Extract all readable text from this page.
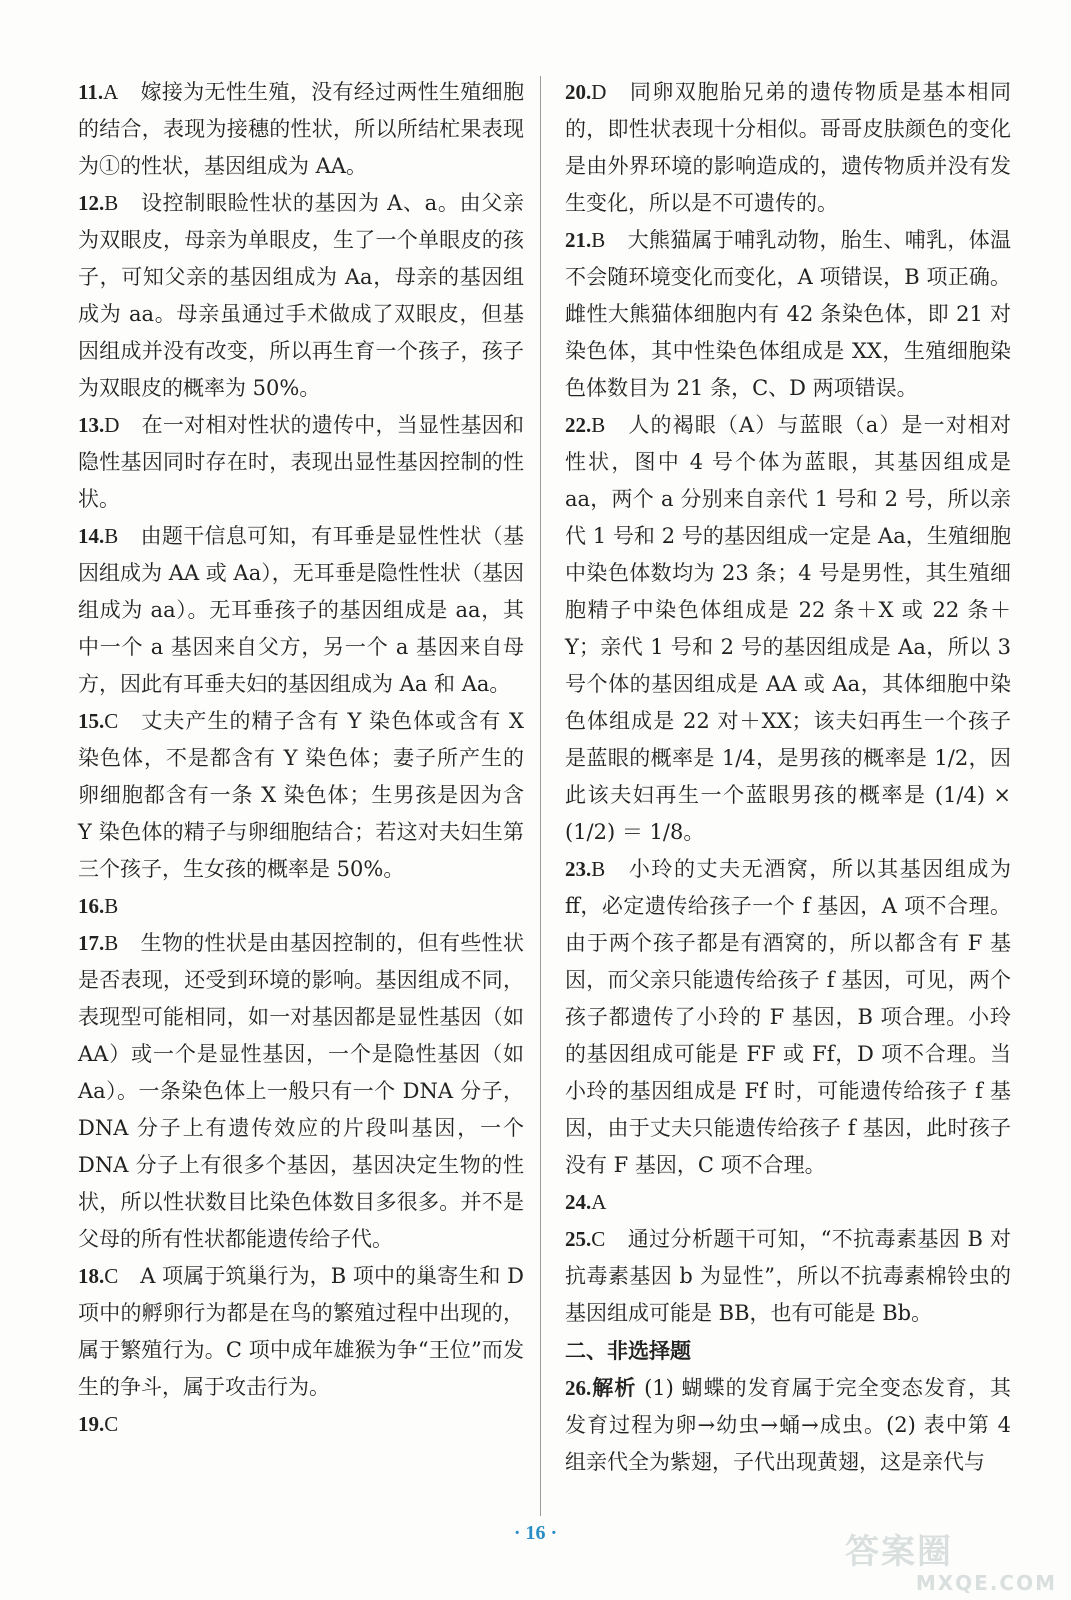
11.A 嫁接为无性生殖，没有经过两性生殖细胞的结合，表现为接穗的性状，所以所结杧果表现为①的性状，基因组成为 AA。
12.B 设控制眼睑性状的基因为 A、a。由父亲为双眼皮，母亲为单眼皮，生了一个单眼皮的孩子，可知父亲的基因组成为 Aa，母亲的基因组成为 aa。母亲虽通过手术做成了双眼皮，但基因组成并没有改变，所以再生育一个孩子，孩子为双眼皮的概率为 50%。
13.D 在一对相对性状的遗传中，当显性基因和隐性基因同时存在时，表现出显性基因控制的性状。
14.B 由题干信息可知，有耳垂是显性性状（基因组成为 AA 或 Aa），无耳垂是隐性性状（基因组成为 aa）。无耳垂孩子的基因组成是 aa，其中一个 a 基因来自父方，另一个 a 基因来自母方，因此有耳垂夫妇的基因组成为 Aa 和 Aa。
15.C 丈夫产生的精子含有 Y 染色体或含有 X 染色体，不是都含有 Y 染色体；妻子所产生的卵细胞都含有一条 X 染色体；生男孩是因为含 Y 染色体的精子与卵细胞结合；若这对夫妇生第三个孩子，生女孩的概率是 50%。
16.B
17.B 生物的性状是由基因控制的，但有些性状是否表现，还受到环境的影响。基因组成不同，表现型可能相同，如一对基因都是显性基因（如 AA）或一个是显性基因，一个是隐性基因（如 Aa）。一条染色体上一般只有一个 DNA 分子，DNA 分子上有遗传效应的片段叫基因，一个 DNA 分子上有很多个基因，基因决定生物的性状，所以性状数目比染色体数目多很多。并不是父母的所有性状都能遗传给子代。
18.C A 项属于筑巢行为，B 项中的巢寄生和 D 项中的孵卵行为都是在鸟的繁殖过程中出现的，属于繁殖行为。C 项中成年雄猴为争“王位”而发生的争斗，属于攻击行为。
19.C
20.D 同卵双胞胎兄弟的遗传物质是基本相同的，即性状表现十分相似。哥哥皮肤颜色的变化是由外界环境的影响造成的，遗传物质并没有发生变化，所以是不可遗传的。
21.B 大熊猫属于哺乳动物，胎生、哺乳，体温不会随环境变化而变化，A 项错误，B 项正确。雌性大熊猫体细胞内有 42 条染色体，即 21 对染色体，其中性染色体组成是 XX，生殖细胞染色体数目为 21 条，C、D 两项错误。
22.B 人的褐眼（A）与蓝眼（a）是一对相对性状，图中 4 号个体为蓝眼，其基因组成是 aa，两个 a 分别来自亲代 1 号和 2 号，所以亲代 1 号和 2 号的基因组成一定是 Aa，生殖细胞中染色体数均为 23 条；4 号是男性，其生殖细胞精子中染色体组成是 22 条＋X 或 22 条＋Y；亲代 1 号和 2 号的基因组成是 Aa，所以 3 号个体的基因组成是 AA 或 Aa，其体细胞中染色体组成是 22 对＋XX；该夫妇再生一个孩子是蓝眼的概率是 1/4，是男孩的概率是 1/2，因此该夫妇再生一个蓝眼男孩的概率是 (1/4) × (1/2) ＝ 1/8。
23.B 小玲的丈夫无酒窝，所以其基因组成为 ff，必定遗传给孩子一个 f 基因，A 项不合理。由于两个孩子都是有酒窝的，所以都含有 F 基因，而父亲只能遗传给孩子 f 基因，可见，两个孩子都遗传了小玲的 F 基因，B 项合理。小玲的基因组成可能是 FF 或 Ff，D 项不合理。当小玲的基因组成是 Ff 时，可能遗传给孩子 f 基因，由于丈夫只能遗传给孩子 f 基因，此时孩子没有 F 基因，C 项不合理。
24.A
25.C 通过分析题干可知，“不抗毒素基因 B 对抗毒素基因 b 为显性”，所以不抗毒素棉铃虫的基因组成可能是 BB，也有可能是 Bb。
二、非选择题
26.解析 (1) 蝴蝶的发育属于完全变态发育，其发育过程为卵→幼虫→蛹→成虫。(2) 表中第 4 组亲代全为紫翅，子代出现黄翅，这是亲代与
· 16 ·	答案圈
MXQE.COM
